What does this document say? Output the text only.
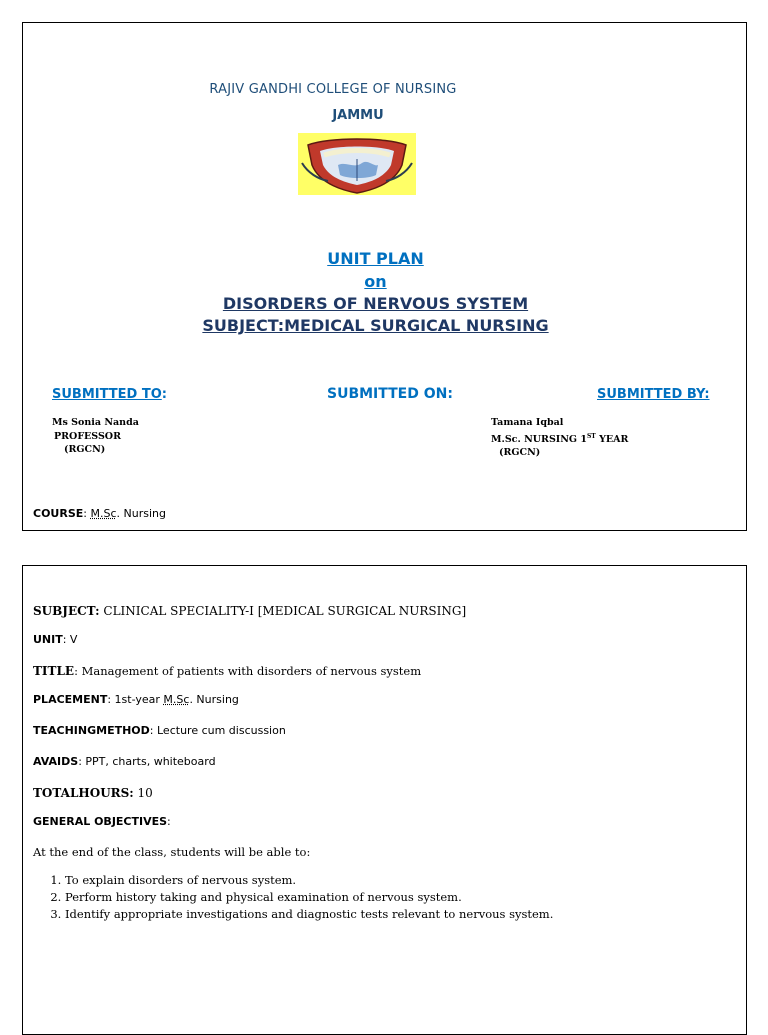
RAJIV GANDHI COLLEGE OF NURSING
JAMMU
UNIT PLAN
on
DISORDERS OF NERVOUS SYSTEM
SUBJECT:MEDICAL SURGICAL NURSING
SUBMITTED TO:	SUBMITTED ON:	SUBMITTED BY:
Ms Sonia Nanda
PROFESSOR
(RGCN)
Tamana Iqbal
M.Sc. NURSING 1ST YEAR
(RGCN)
COURSE: M.Sc. Nursing
SUBJECT: CLINICAL SPECIALITY-I [MEDICAL SURGICAL NURSING]
UNIT: V
TITLE: Management of patients with disorders of nervous system
PLACEMENT: 1st-year M.Sc. Nursing
TEACHINGMETHOD: Lecture cum discussion
AVAIDS: PPT, charts, whiteboard
TOTALHOURS: 10
GENERAL OBJECTIVES:
At the end of the class, students will be able to:
1. To explain disorders of nervous system.
2. Perform history taking and physical examination of nervous system.
3. Identify appropriate investigations and diagnostic tests relevant to nervous system.
